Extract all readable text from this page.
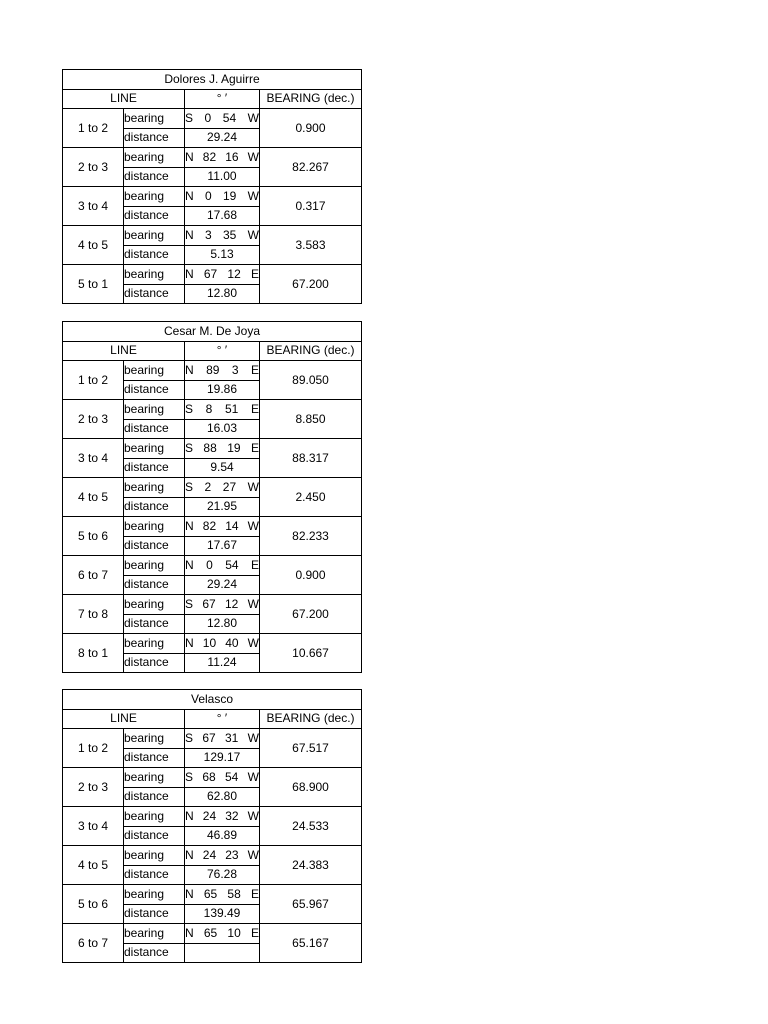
Dolores J. Aguirre			
LINE		° ′	BEARING (dec.)
1 to 2	bearing	S 0 54 W	0.900
	distance	29.24	
2 to 3	bearing	N 82 16 W	82.267
	distance	11.00	
3 to 4	bearing	N 0 19 W	0.317
	distance	17.68	
4 to 5	bearing	N 3 35 W	3.583
	distance	5.13	
5 to 1	bearing	N 67 12 E	67.200
	distance	12.80	
Cesar M. De Joya			
LINE		° ′	BEARING (dec.)
1 to 2	bearing	N 89 3 E	89.050
	distance	19.86	
2 to 3	bearing	S 8 51 E	8.850
	distance	16.03	
3 to 4	bearing	S 88 19 E	88.317
	distance	9.54	
4 to 5	bearing	S 2 27 W	2.450
	distance	21.95	
5 to 6	bearing	N 82 14 W	82.233
	distance	17.67	
6 to 7	bearing	N 0 54 E	0.900
	distance	29.24	
7 to 8	bearing	S 67 12 W	67.200
	distance	12.80	
8 to 1	bearing	N 10 40 W	10.667
	distance	11.24	
Velasco			
LINE		° ′	BEARING (dec.)
1 to 2	bearing	S 67 31 W	67.517
	distance	129.17	
2 to 3	bearing	S 68 54 W	68.900
	distance	62.80	
3 to 4	bearing	N 24 32 W	24.533
	distance	46.89	
4 to 5	bearing	N 24 23 W	24.383
	distance	76.28	
5 to 6	bearing	N 65 58 E	65.967
	distance	139.49	
6 to 7	bearing	N 65 10 E	65.167
	distance		
